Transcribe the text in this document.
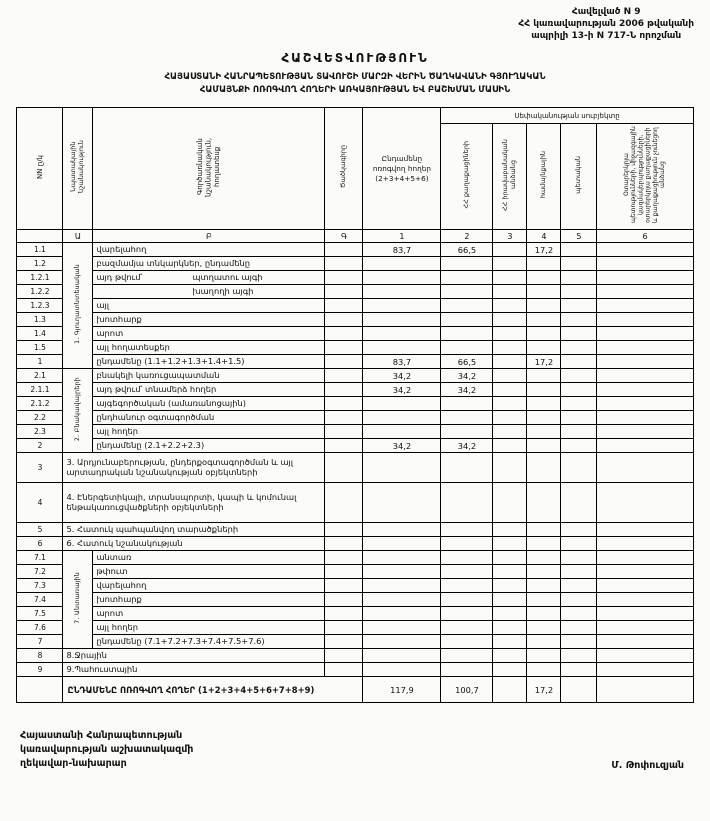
Հավելված N 9
ՀՀ կառավարության 2006 թվականի
ապրիլի 13-ի N 717-Ն որոշման
ՀԱՇՎԵՏՎՈՒԹՅՈՒՆ
ՀԱՅԱՍՏԱՆԻ ՀԱՆՐԱՊԵՏՈՒԹՅԱՆ ՏԱՎՈՒՇԻ ՄԱՐԶԻ ՎԵՐԻՆ ԾԱՂԿԱՎԱՆԻ ԳՅՈՒՂԱԿԱՆ
ՀԱՄԱՅՆՔԻ ՈՌՈԳՎՈՂ ՀՈՂԵՐԻ ԱՌԿԱՅՈՒԹՅԱՆ ԵՎ ԲԱՇԽՄԱՆ ՄԱՍԻՆ
NN ը/կ	Նպատակային նշանակություն	Գործառնական նշանակություն, հողատեսք	Ծածկագիրը	Ընդամենը ոռոգվող հողեր (2+3+4+5+6)	Սեփականության սուբյեկտը				
					ՀՀ քաղաքացիների	ՀՀ իրավաբանական անձանց	համայնքային	պետական	Օտարերկրյա պետությունների, միջազգային կազմակերպությունների, օտարերկրյա քաղաքացիների և քաղաքացիություն չունեցող անձանց
	Ա	Բ	Գ	1	2	3	4	5	6
1.1	1. Գյուղատնտեսական	վարելահող		83,7	66,5		17,2		
1.2		բազմամյա տնկարկներ, ընդամենը							
1.2.1		այդ թվում՝ պտղատու այգի							
1.2.2		խաղողի այգի							
1.2.3		այլ							
1.3		խոտհարք							
1.4		արոտ							
1.5		այլ հողատեսքեր							
1		ընդամենը (1.1+1.2+1.3+1.4+1.5)		83,7	66,5		17,2		
2.1	2. Բնակավայրերի	բնակելի կառուցապատման		34,2	34,2				
2.1.1		այդ թվում՝ տնամերձ հողեր		34,2	34,2				
2.1.2		այգեգործական (ամառանոցային)							
2.2		ընդհանուր օգտագործման							
2.3		այլ հողեր							
2		ընդամենը (2.1+2.2+2.3)		34,2	34,2				
3	3. Արդյունաբերության, ընդերքօգտագործման և այլ արտադրական նշանակության օբյեկտների								
4	4. Էներգետիկայի, տրանսպորտի, կապի և կոմունալ ենթակառուցվածքների օբյեկտների								
5	5. Հատուկ պահպանվող տարածքների								
6	6. Հատուկ նշանակության								
7.1	7. Անտառային	անտառ							
7.2		թփուտ							
7.3		վարելահող							
7.4		խոտհարք							
7.5		արոտ							
7.6		այլ հողեր							
7		ընդամենը (7.1+7.2+7.3+7.4+7.5+7.6)							
8	8.Ջրային								
9	9.Պահուստային								
	ԸՆԴԱՄԵՆԸ ՈՌՈԳՎՈՂ ՀՈՂԵՐ (1+2+3+4+5+6+7+8+9)			117,9	100,7		17,2		
Հայաստանի Հանրապետության
կառավարության աշխատակազմի
ղեկավար-նախարար	Մ. Թոփուզյան
